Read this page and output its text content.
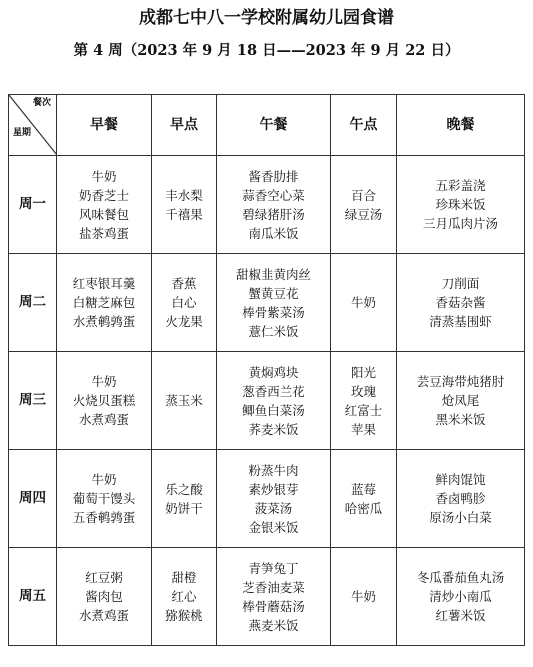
成都七中八一学校附属幼儿园食谱
第 4 周（2023 年 9 月 18 日——2023 年 9 月 22 日）
餐次
星期	早餐	早点	午餐	午点	晚餐
周一	牛奶
奶香芝士
风味餐包
盐茶鸡蛋	丰水梨
千禧果	酱香肋排
蒜香空心菜
碧绿猪肝汤
南瓜米饭	百合
绿豆汤	五彩盖浇
珍珠米饭
三月瓜肉片汤

周二	红枣银耳羹
白糖芝麻包
水煮鹌鹑蛋	香蕉
白心
火龙果	甜椒韭黄肉丝
蟹黄豆花
棒骨紫菜汤
薏仁米饭	牛奶	刀削面
香菇杂酱
清蒸基围虾

周三	牛奶
火烧贝蛋糕
水煮鸡蛋	蒸玉米	黄焖鸡块
葱香西兰花
鲫鱼白菜汤
荞麦米饭	阳光
玫瑰
红富士
苹果	芸豆海带炖猪肘
炝凤尾
黑米米饭

周四	牛奶
葡萄干馒头
五香鹌鹑蛋	乐之酸
奶饼干	粉蒸牛肉
素炒银芽
菠菜汤
金银米饭	蓝莓
哈密瓜	鲜肉馄饨
香卤鸭胗
原汤小白菜

周五	红豆粥
酱肉包
水煮鸡蛋	甜橙
红心
猕猴桃	青笋兔丁
芝香油麦菜
棒骨蘑菇汤
燕麦米饭	牛奶	冬瓜番茄鱼丸汤
清炒小南瓜
红薯米饭
